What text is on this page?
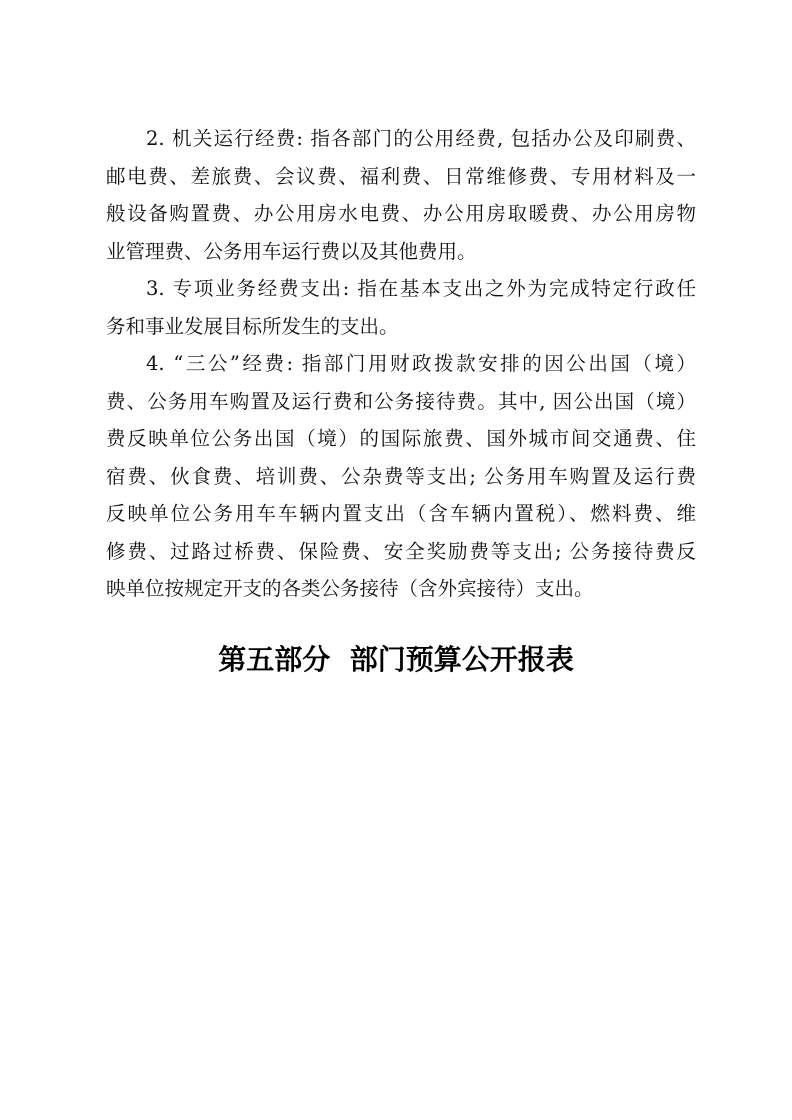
2. 机关运行经费: 指各部门的公用经费, 包括办公及印刷费、
邮电费、差旅费、会议费、福利费、日常维修费、专用材料及一
般设备购置费、办公用房水电费、办公用房取暖费、办公用房物
业管理费、公务用车运行费以及其他费用。
3. 专项业务经费支出: 指在基本支出之外为完成特定行政任
务和事业发展目标所发生的支出。
4. “三公”经费: 指部门用财政拨款安排的因公出国（境）
费、公务用车购置及运行费和公务接待费。其中, 因公出国（境）
费反映单位公务出国（境）的国际旅费、国外城市间交通费、住
宿费、伙食费、培训费、公杂费等支出; 公务用车购置及运行费
反映单位公务用车车辆内置支出（含车辆内置税）、燃料费、维
修费、过路过桥费、保险费、安全奖励费等支出; 公务接待费反
映单位按规定开支的各类公务接待（含外宾接待）支出。
第五部分  部门预算公开报表
